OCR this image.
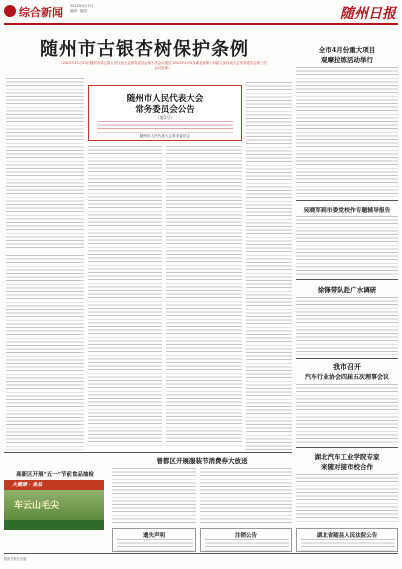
综合新闻 2023年4月1日
编辑 · 版面	随州日报
随州市古银杏树保护条例
（2022年11月23日随州市第五届人民代表大会常务委员会第十次会议通过 2023年1月5日湖北省第十四届人民代表大会常务委员会第三次会议批准）
随州市人民代表大会
常务委员会公告
（第1号）
随州市人民代表大会常务委员会
全市4月份重大项目
观摩拉练活动举行
吴晓军到市委党校作专题辅导报告
徐锋带队赴广水调研
我市召开
汽车行业协会四届五次理事会议
湖北汽车工业学院专家
来随对接市校合作
高新区开展“五一”节前食品抽检
曾都区开展服装节消费券大放送
大健康 · 食品
车云山毛尖
遗失声明	注销公告	湖北省随县人民法院公告
随州日报社出版
